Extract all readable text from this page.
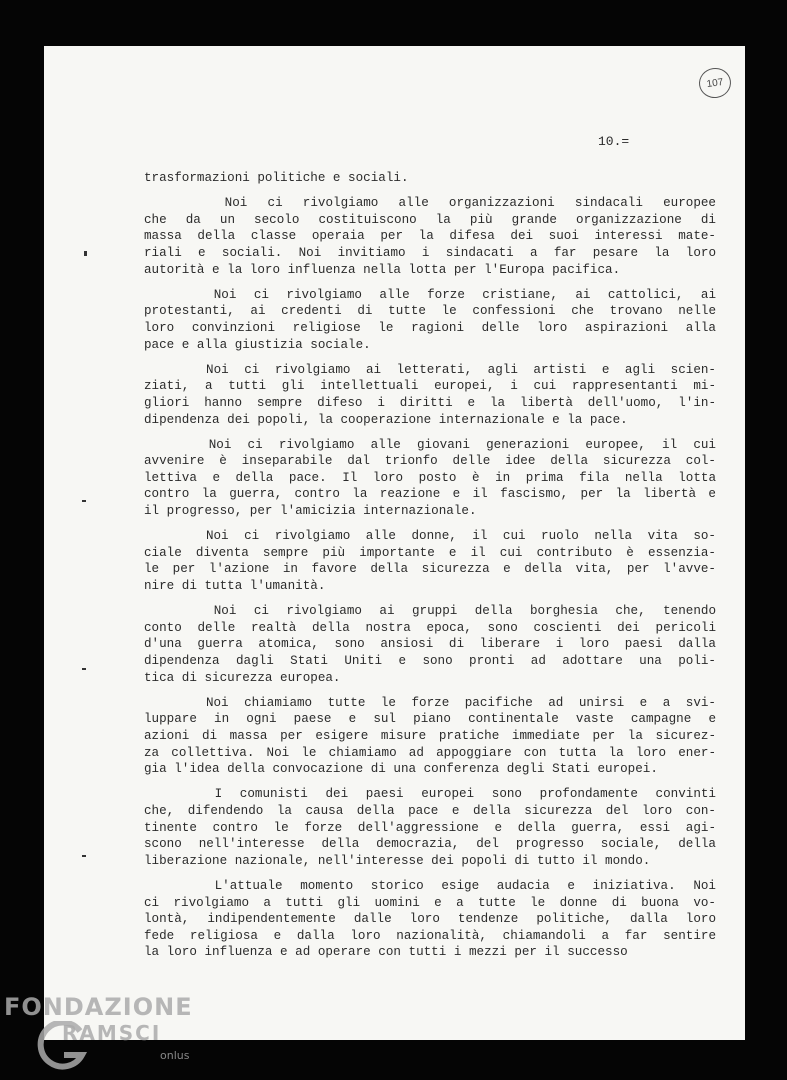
107
10.=
trasformazioni politiche e sociali.
Noi ci rivolgiamo alle organizzazioni sindacali europee
che da un secolo costituiscono la più grande organizzazione di
massa della classe operaia per la difesa dei suoi interessi mate-
riali e sociali. Noi invitiamo i sindacati a far pesare la loro
autorità e la loro influenza nella lotta per l'Europa pacifica.
Noi ci rivolgiamo alle forze cristiane, ai cattolici, ai
protestanti, ai credenti di tutte le confessioni che trovano nelle
loro convinzioni religiose le ragioni delle loro aspirazioni alla
pace e alla giustizia sociale.
Noi ci rivolgiamo ai letterati, agli artisti e agli scien-
ziati, a tutti gli intellettuali europei, i cui rappresentanti mi-
gliori hanno sempre difeso i diritti e la libertà dell'uomo, l'in-
dipendenza dei popoli, la cooperazione internazionale e la pace.
Noi ci rivolgiamo alle giovani generazioni europee, il cui
avvenire è inseparabile dal trionfo delle idee della sicurezza col-
lettiva e della pace. Il loro posto è in prima fila nella lotta
contro la guerra, contro la reazione e il fascismo, per la libertà e
il progresso, per l'amicizia internazionale.
Noi ci rivolgiamo alle donne, il cui ruolo nella vita so-
ciale diventa sempre più importante e il cui contributo è essenzia-
le per l'azione in favore della sicurezza e della vita, per l'avve-
nire di tutta l'umanità.
Noi ci rivolgiamo ai gruppi della borghesia che, tenendo
conto delle realtà della nostra epoca, sono coscienti dei pericoli
d'una guerra atomica, sono ansiosi di liberare i loro paesi dalla
dipendenza dagli Stati Uniti e sono pronti ad adottare una poli-
tica di sicurezza europea.
Noi chiamiamo tutte le forze pacifiche ad unirsi e a svi-
luppare in ogni paese e sul piano continentale vaste campagne e
azioni di massa per esigere misure pratiche immediate per la sicurez-
za collettiva. Noi le chiamiamo ad appoggiare con tutta la loro ener-
gia l'idea della convocazione di una conferenza degli Stati europei.
I comunisti dei paesi europei sono profondamente convinti
che, difendendo la causa della pace e della sicurezza del loro con-
tinente contro le forze dell'aggressione e della guerra, essi agi-
scono nell'interesse della democrazia, del progresso sociale, della
liberazione nazionale, nell'interesse dei popoli di tutto il mondo.
L'attuale momento storico esige audacia e iniziativa. Noi
ci rivolgiamo a tutti gli uomini e a tutte le donne di buona vo-
lontà, indipendentemente dalle loro tendenze politiche, dalla loro
fede religiosa e dalla loro nazionalità, chiamandoli a far sentire
la loro influenza e ad operare con tutti i mezzi per il successo
FONDAZIONE
RAMSCI
onlus
